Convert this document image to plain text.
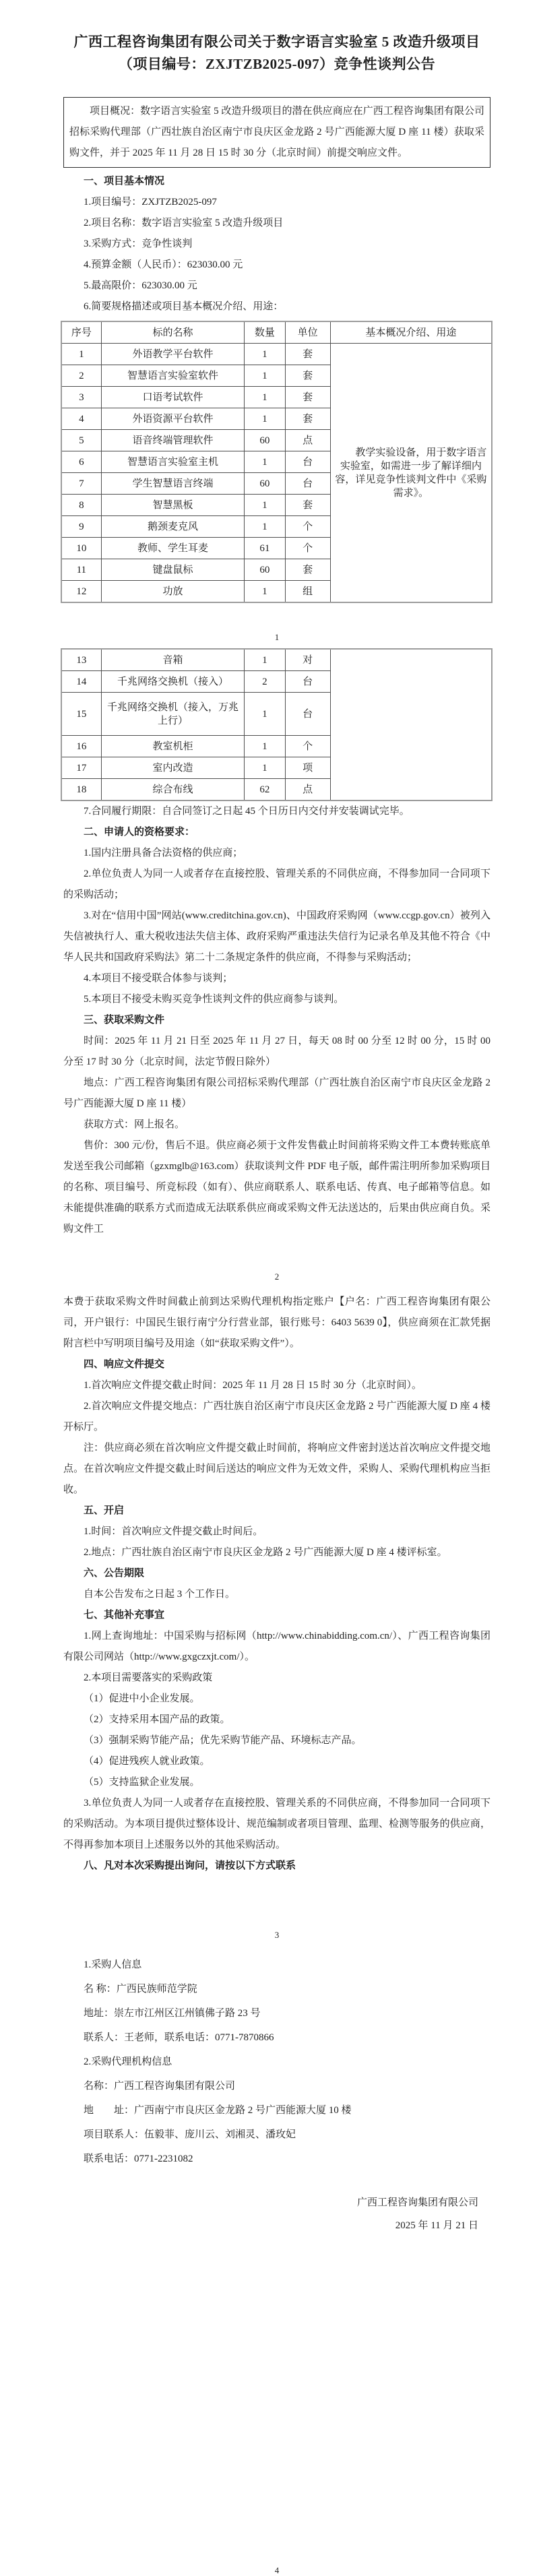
广西工程咨询集团有限公司关于数字语言实验室 5 改造升级项目
（项目编号：ZXJTZB2025-097）竞争性谈判公告
项目概况：数字语言实验室 5 改造升级项目的潜在供应商应在广西工程咨询集团有限公司招标采购代理部（广西壮族自治区南宁市良庆区金龙路 2 号广西能源大厦 D 座 11 楼）获取采购文件，并于 2025 年 11 月 28 日 15 时 30 分（北京时间）前提交响应文件。
一、项目基本情况
1.项目编号：ZXJTZB2025-097
2.项目名称：数字语言实验室 5 改造升级项目
3.采购方式：竞争性谈判
4.预算金额（人民币）：623030.00 元
5.最高限价：623030.00 元
6.简要规格描述或项目基本概况介绍、用途：
序号	标的名称	数量	单位	基本概况介绍、用途
1	外语教学平台软件	1	套	教学实验设备，用于数字语言实验室，如需进一步了解详细内容，详见竞争性谈判文件中《采购需求》。
2	智慧语言实验室软件	1	套	
3	口语考试软件	1	套	
4	外语资源平台软件	1	套	
5	语音终端管理软件	60	点	
6	智慧语言实验室主机	1	台	
7	学生智慧语言终端	60	台	
8	智慧黑板	1	套	
9	鹅颈麦克风	1	个	
10	教师、学生耳麦	61	个	
11	键盘鼠标	60	套	
12	功放	1	组	
1
13	音箱	1	对	
14	千兆网络交换机（接入）	2	台	
15	千兆网络交换机（接入，万兆上行）	1	台	
16	教室机柜	1	个	
17	室内改造	1	项	
18	综合布线	62	点	
7.合同履行期限：自合同签订之日起 45 个日历日内交付并安装调试完毕。
二、申请人的资格要求：
1.国内注册具备合法资格的供应商；
2.单位负责人为同一人或者存在直接控股、管理关系的不同供应商，不得参加同一合同项下的采购活动；
3.对在“信用中国”网站(www.creditchina.gov.cn)、中国政府采购网（www.ccgp.gov.cn）被列入失信被执行人、重大税收违法失信主体、政府采购严重违法失信行为记录名单及其他不符合《中华人民共和国政府采购法》第二十二条规定条件的供应商，不得参与采购活动；
4.本项目不接受联合体参与谈判；
5.本项目不接受未购买竞争性谈判文件的供应商参与谈判。
三、获取采购文件
时间：2025 年 11 月 21 日至 2025 年 11 月 27 日，每天 08 时 00 分至 12 时 00 分，15 时 00 分至 17 时 30 分（北京时间，法定节假日除外）
地点：广西工程咨询集团有限公司招标采购代理部（广西壮族自治区南宁市良庆区金龙路 2 号广西能源大厦 D 座 11 楼）
获取方式：网上报名。
售价：300 元/份，售后不退。供应商必须于文件发售截止时间前将采购文件工本费转账底单发送至我公司邮箱（gzxmglb@163.com）获取谈判文件 PDF 电子版，邮件需注明所参加采购项目的名称、项目编号、所竞标段（如有）、供应商联系人、联系电话、传真、电子邮箱等信息。如未能提供准确的联系方式而造成无法联系供应商或采购文件无法送达的，后果由供应商自负。采购文件工
2
本费于获取采购文件时间截止前到达采购代理机构指定账户【户名：广西工程咨询集团有限公司，开户银行：中国民生银行南宁分行营业部，银行账号：6403 5639 0】，供应商须在汇款凭据附言栏中写明项目编号及用途（如“获取采购文件”）。
四、响应文件提交
1.首次响应文件提交截止时间：2025 年 11 月 28 日 15 时 30 分（北京时间）。
2.首次响应文件提交地点：广西壮族自治区南宁市良庆区金龙路 2 号广西能源大厦 D 座 4 楼开标厅。
注：供应商必须在首次响应文件提交截止时间前，将响应文件密封送达首次响应文件提交地点。在首次响应文件提交截止时间后送达的响应文件为无效文件，采购人、采购代理机构应当拒收。
五、开启
1.时间：首次响应文件提交截止时间后。
2.地点：广西壮族自治区南宁市良庆区金龙路 2 号广西能源大厦 D 座 4 楼评标室。
六、公告期限
自本公告发布之日起 3 个工作日。
七、其他补充事宜
1.网上查询地址：中国采购与招标网（http://www.chinabidding.com.cn/）、广西工程咨询集团有限公司网站（http://www.gxgczxjt.com/）。
2.本项目需要落实的采购政策
（1）促进中小企业发展。
（2）支持采用本国产品的政策。
（3）强制采购节能产品；优先采购节能产品、环境标志产品。
（4）促进残疾人就业政策。
（5）支持监狱企业发展。
3.单位负责人为同一人或者存在直接控股、管理关系的不同供应商，不得参加同一合同项下的采购活动。为本项目提供过整体设计、规范编制或者项目管理、监理、检测等服务的供应商，不得再参加本项目上述服务以外的其他采购活动。
八、凡对本次采购提出询问，请按以下方式联系
3
1.采购人信息
名 称：广西民族师范学院
地址：崇左市江州区江州镇佛子路 23 号
联系人：王老师，联系电话：0771-7870866
2.采购代理机构信息
名称：广西工程咨询集团有限公司
地　　址：广西南宁市良庆区金龙路 2 号广西能源大厦 10 楼
项目联系人：伍毅菲、庞川云、刘湘灵、潘玫妃
联系电话：0771-2231082
广西工程咨询集团有限公司
2025 年 11 月 21 日
4
